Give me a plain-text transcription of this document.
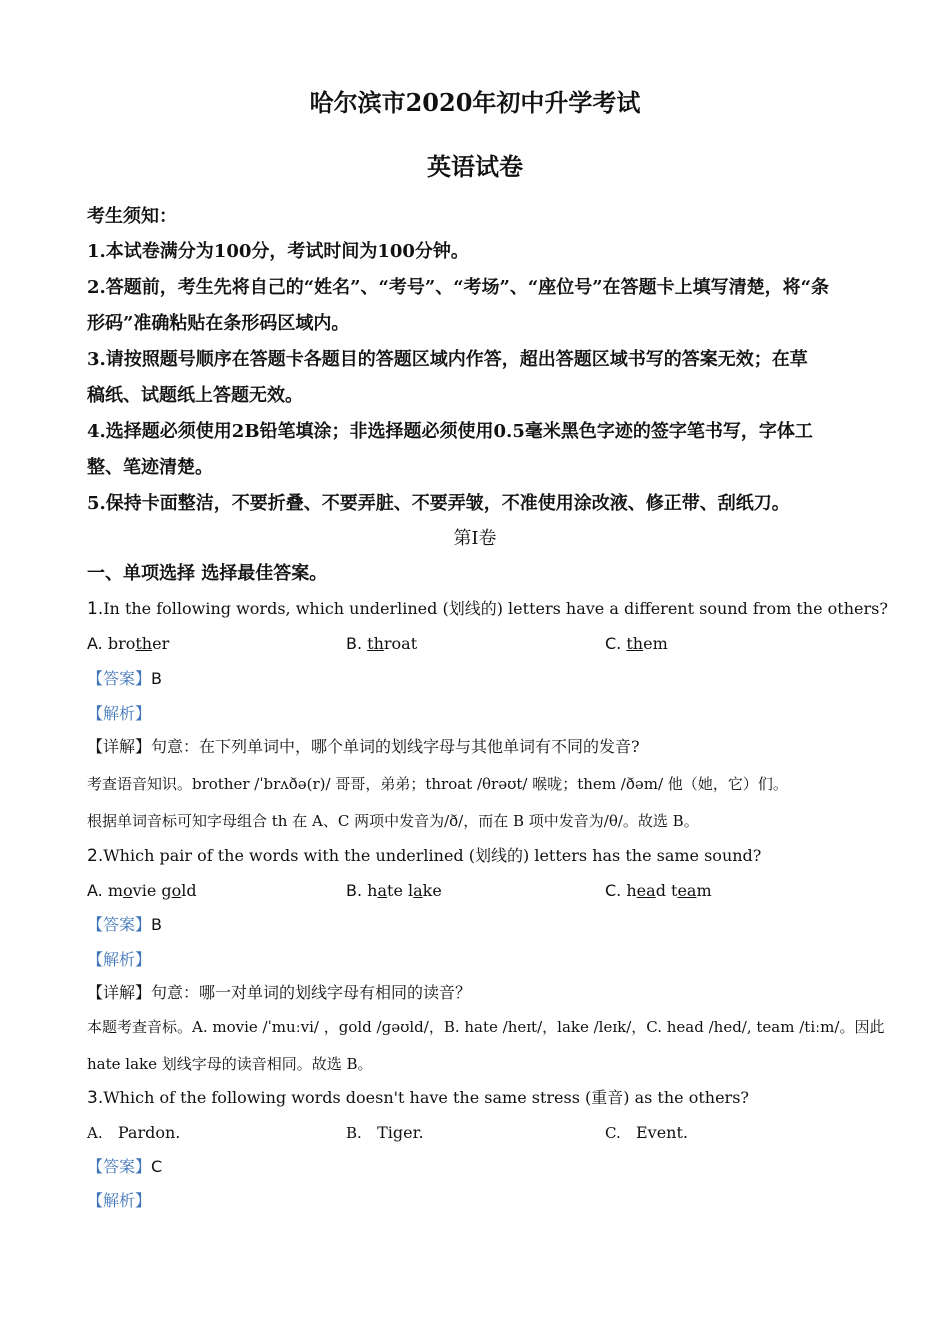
哈尔滨市2020年初中升学考试
英语试卷
考生须知：
1.本试卷满分为100分，考试时间为100分钟。
2.答题前，考生先将自己的“姓名”、“考号”、“考场”、“座位号”在答题卡上填写清楚，将“条
形码”准确粘贴在条形码区域内。
3.请按照题号顺序在答题卡各题目的答题区域内作答，超出答题区域书写的答案无效；在草
稿纸、试题纸上答题无效。
4.选择题必须使用2B铅笔填涂；非选择题必须使用0.5毫米黑色字迹的签字笔书写，字体工
整、笔迹清楚。
5.保持卡面整洁，不要折叠、不要弄脏、不要弄皱，不准使用涂改液、修正带、刮纸刀。
第Ⅰ卷
一、单项选择 选择最佳答案。
1.In the following words, which underlined (划线的) letters have a different sound from the others?
A. brother	B. throat	C. them
【答案】B
【解析】
【详解】句意：在下列单词中，哪个单词的划线字母与其他单词有不同的发音?
考查语音知识。brother /ˈbrʌðə(r)/ 哥哥，弟弟；throat /θrəʊt/ 喉咙；them /ðəm/ 他（她，它）们。
根据单词音标可知字母组合 th 在 A、C 两项中发音为/ð/，而在 B 项中发音为/θ/。故选 B。
2.Which pair of the words with the underlined (划线的) letters has the same sound?
A. movie gold	B. hate lake	C. head team
【答案】B
【解析】
【详解】句意：哪一对单词的划线字母有相同的读音？
本题考查音标。A. movie /ˈmuːvi/ ，gold /ɡəʊld/，B. hate /heɪt/，lake /leɪk/，C. head /hed/, team /tiːm/。因此
hate lake 划线字母的读音相同。故选 B。
3.Which of the following words doesn't have the same stress (重音) as the others?
A. Pardon.	B. Tiger.	C. Event.
【答案】C
【解析】
